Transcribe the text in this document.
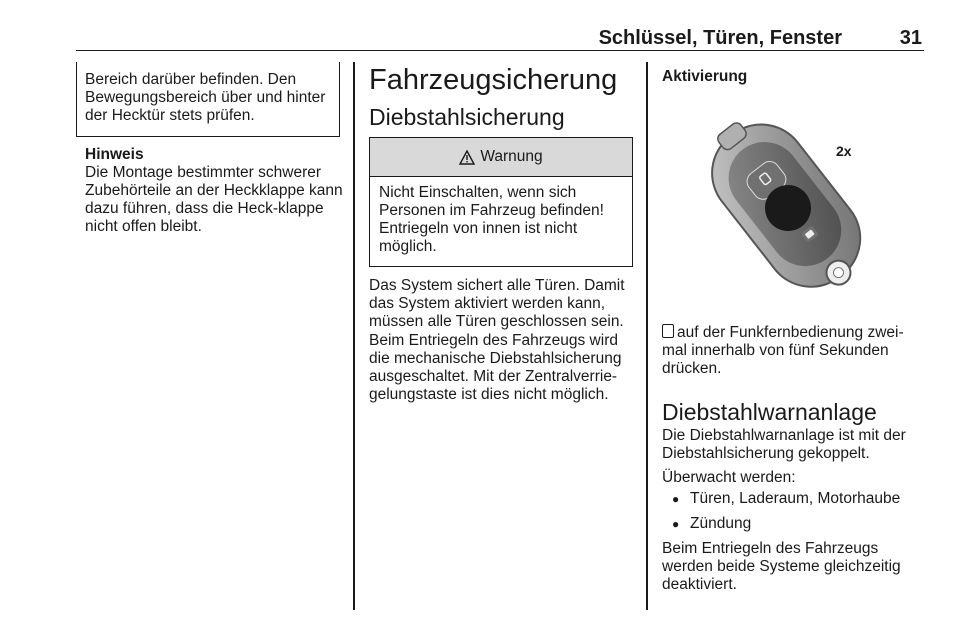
Schlüssel, Türen, Fenster	31

Bereich darüber befinden. Den Bewegungsbereich über und hinter der Hecktür stets prüfen.

Hinweis

Die Montage bestimmter schwerer Zubehörteile an der Heckklappe kann dazu führen, dass die Heck-klappe nicht offen bleibt.

Fahrzeugsicherung
Diebstahlsicherung
Warnung

Nicht Einschalten, wenn sich Personen im Fahrzeug befinden! Entriegeln von innen ist nicht möglich.

Das System sichert alle Türen. Damit das System aktiviert werden kann, müssen alle Türen geschlossen sein.

Beim Entriegeln des Fahrzeugs wird die mechanische Diebstahlsicherung ausgeschaltet. Mit der Zentralverrie-gelungstaste ist dies nicht möglich.

Aktivierung
2x

auf der Funkfernbedienung zwei-mal innerhalb von fünf Sekunden drücken.

Diebstahlwarnanlage

Die Diebstahlwarnanlage ist mit der Diebstahlsicherung gekoppelt.

Überwacht werden:

● Türen, Laderaum, Motorhaube
● Zündung

Beim Entriegeln des Fahrzeugs werden beide Systeme gleichzeitig deaktiviert.
